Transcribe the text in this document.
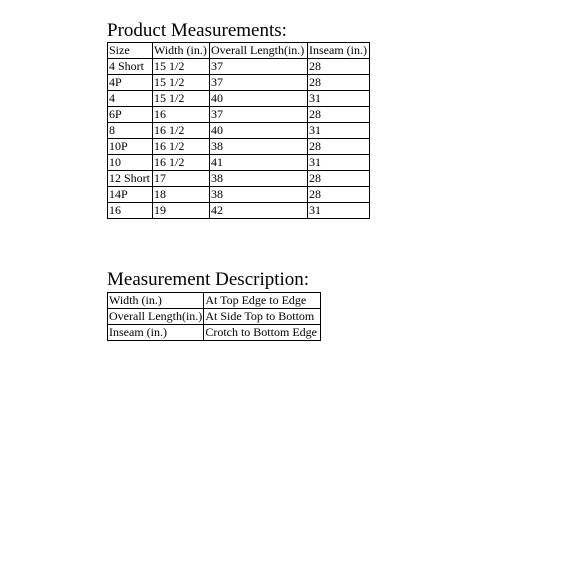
Product Measurements:
Size	Width (in.)	Overall Length(in.)	Inseam (in.)
4 Short	15 1/2	37	28
4P	15 1/2	37	28
4	15 1/2	40	31
6P	16	37	28
8	16 1/2	40	31
10P	16 1/2	38	28
10	16 1/2	41	31
12 Short	17	38	28
14P	18	38	28
16	19	42	31
Measurement Description:
Width (in.)	At Top Edge to Edge
Overall Length(in.)	At Side Top to Bottom
Inseam (in.)	Crotch to Bottom Edge
